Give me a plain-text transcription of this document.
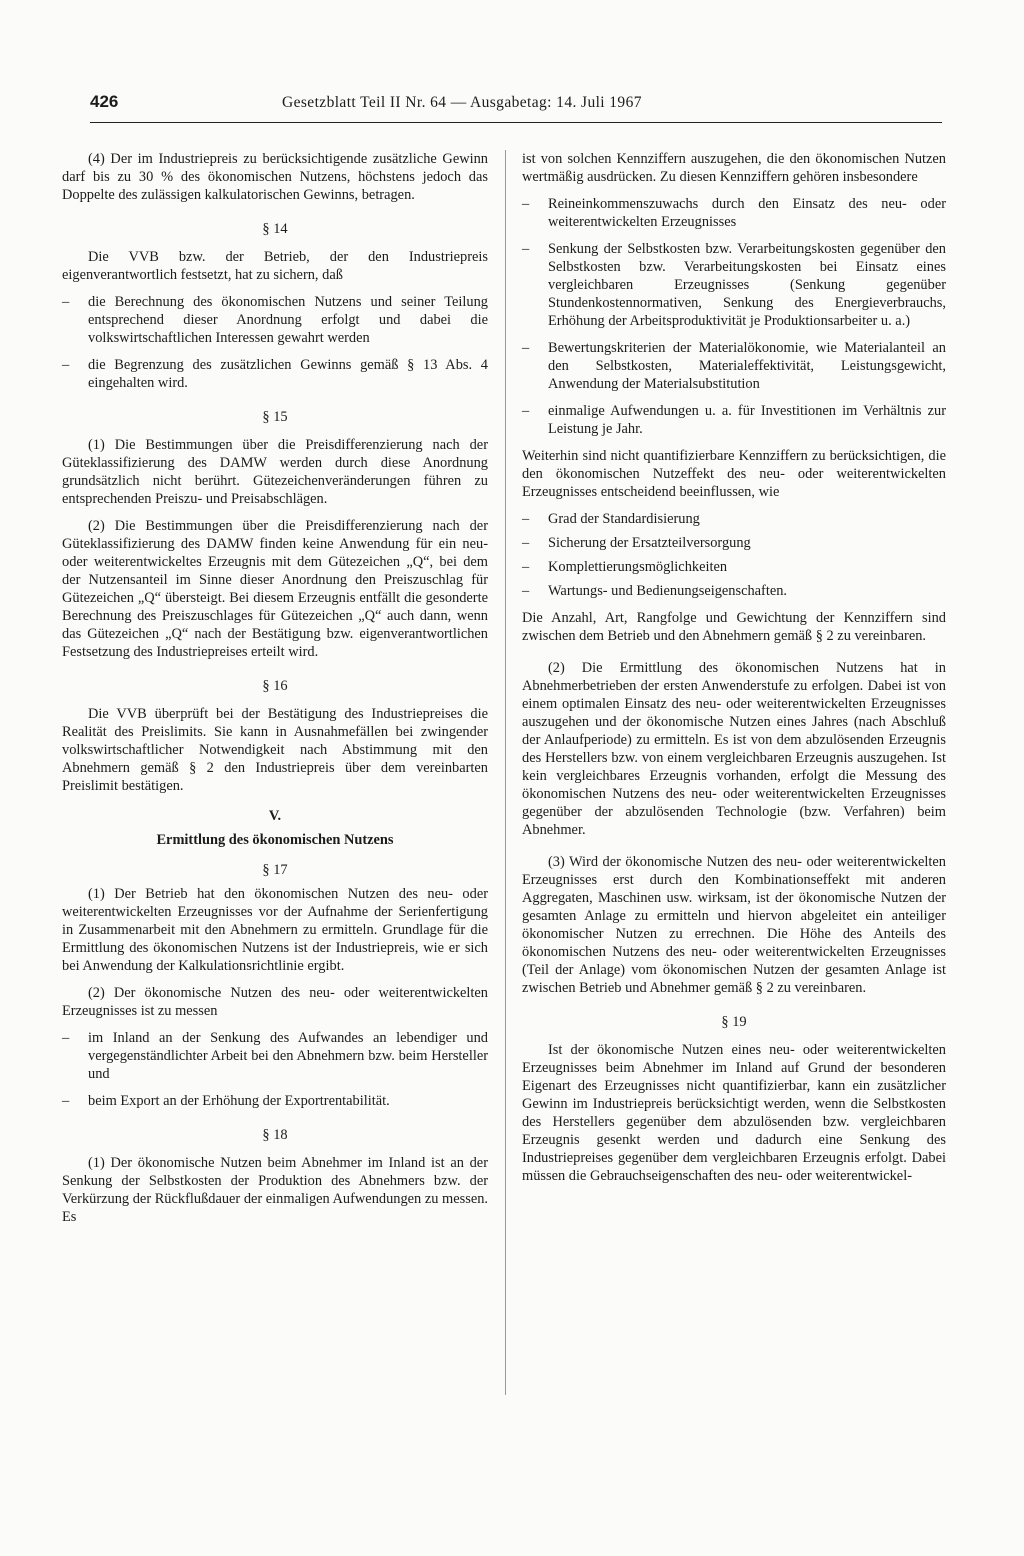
426	Gesetzblatt Teil II Nr. 64 — Ausgabetag: 14. Juli 1967

(4) Der im Industriepreis zu berücksichtigende zusätzliche Gewinn darf bis zu 30 % des ökonomischen Nutzens, höchstens jedoch das Doppelte des zulässigen kalkulatorischen Gewinns, betragen.

§ 14

Die VVB bzw. der Betrieb, der den Industriepreis eigenverantwortlich festsetzt, hat zu sichern, daß

– die Berechnung des ökonomischen Nutzens und seiner Teilung entsprechend dieser Anordnung erfolgt und dabei die volkswirtschaftlichen Interessen gewahrt werden
– die Begrenzung des zusätzlichen Gewinns gemäß § 13 Abs. 4 eingehalten wird.
§ 15

(1) Die Bestimmungen über die Preisdifferenzierung nach der Güteklassifizierung des DAMW werden durch diese Anordnung grundsätzlich nicht berührt. Gütezeichenveränderungen führen zu entsprechenden Preiszu- und Preisabschlägen.

(2) Die Bestimmungen über die Preisdifferenzierung nach der Güteklassifizierung des DAMW finden keine Anwendung für ein neu- oder weiterentwickeltes Erzeugnis mit dem Gütezeichen „Q“, bei dem der Nutzensanteil im Sinne dieser Anordnung den Preiszuschlag für Gütezeichen „Q“ übersteigt. Bei diesem Erzeugnis entfällt die gesonderte Berechnung des Preiszuschlages für Gütezeichen „Q“ auch dann, wenn das Gütezeichen „Q“ nach der Bestätigung bzw. eigenverantwortlichen Festsetzung des Industriepreises erteilt wird.

§ 16

Die VVB überprüft bei der Bestätigung des Industriepreises die Realität des Preislimits. Sie kann in Ausnahmefällen bei zwingender volkswirtschaftlicher Notwendigkeit nach Abstimmung mit den Abnehmern gemäß § 2 den Industriepreis über dem vereinbarten Preislimit bestätigen.

V.
Ermittlung des ökonomischen Nutzens
§ 17

(1) Der Betrieb hat den ökonomischen Nutzen des neu- oder weiterentwickelten Erzeugnisses vor der Aufnahme der Serienfertigung in Zusammenarbeit mit den Abnehmern zu ermitteln. Grundlage für die Ermittlung des ökonomischen Nutzens ist der Industriepreis, wie er sich bei Anwendung der Kalkulationsrichtlinie ergibt.

(2) Der ökonomische Nutzen des neu- oder weiterentwickelten Erzeugnisses ist zu messen

– im Inland an der Senkung des Aufwandes an lebendiger und vergegenständlichter Arbeit bei den Abnehmern bzw. beim Hersteller und
– beim Export an der Erhöhung der Exportrentabilität.
§ 18

(1) Der ökonomische Nutzen beim Abnehmer im Inland ist an der Senkung der Selbstkosten der Produktion des Abnehmers bzw. der Verkürzung der Rückflußdauer der einmaligen Aufwendungen zu messen. Es

ist von solchen Kennziffern auszugehen, die den ökonomischen Nutzen wertmäßig ausdrücken. Zu diesen Kennziffern gehören insbesondere

– Reineinkommenszuwachs durch den Einsatz des neu- oder weiterentwickelten Erzeugnisses
– Senkung der Selbstkosten bzw. Verarbeitungskosten gegenüber den Selbstkosten bzw. Verarbeitungskosten bei Einsatz eines vergleichbaren Erzeugnisses (Senkung gegenüber Stundenkostennormativen, Senkung des Energieverbrauchs, Erhöhung der Arbeitsproduktivität je Produktionsarbeiter u. a.)
– Bewertungskriterien der Materialökonomie, wie Materialanteil an den Selbstkosten, Materialeffektivität, Leistungsgewicht, Anwendung der Materialsubstitution
– einmalige Aufwendungen u. a. für Investitionen im Verhältnis zur Leistung je Jahr.

Weiterhin sind nicht quantifizierbare Kennziffern zu berücksichtigen, die den ökonomischen Nutzeffekt des neu- oder weiterentwickelten Erzeugnisses entscheidend beeinflussen, wie

– Grad der Standardisierung
– Sicherung der Ersatzteilversorgung
– Komplettierungsmöglichkeiten
– Wartungs- und Bedienungseigenschaften.

Die Anzahl, Art, Rangfolge und Gewichtung der Kennziffern sind zwischen dem Betrieb und den Abnehmern gemäß § 2 zu vereinbaren.

(2) Die Ermittlung des ökonomischen Nutzens hat in Abnehmerbetrieben der ersten Anwenderstufe zu erfolgen. Dabei ist von einem optimalen Einsatz des neu- oder weiterentwickelten Erzeugnisses auszugehen und der ökonomische Nutzen eines Jahres (nach Abschluß der Anlaufperiode) zu ermitteln. Es ist von dem abzulösenden Erzeugnis des Herstellers bzw. von einem vergleichbaren Erzeugnis auszugehen. Ist kein vergleichbares Erzeugnis vorhanden, erfolgt die Messung des ökonomischen Nutzens des neu- oder weiterentwickelten Erzeugnisses gegenüber der abzulösenden Technologie (bzw. Verfahren) beim Abnehmer.

(3) Wird der ökonomische Nutzen des neu- oder weiterentwickelten Erzeugnisses erst durch den Kombinationseffekt mit anderen Aggregaten, Maschinen usw. wirksam, ist der ökonomische Nutzen der gesamten Anlage zu ermitteln und hiervon abgeleitet ein anteiliger ökonomischer Nutzen zu errechnen. Die Höhe des Anteils des ökonomischen Nutzens des neu- oder weiterentwickelten Erzeugnisses (Teil der Anlage) vom ökonomischen Nutzen der gesamten Anlage ist zwischen Betrieb und Abnehmer gemäß § 2 zu vereinbaren.

§ 19

Ist der ökonomische Nutzen eines neu- oder weiterentwickelten Erzeugnisses beim Abnehmer im Inland auf Grund der besonderen Eigenart des Erzeugnisses nicht quantifizierbar, kann ein zusätzlicher Gewinn im Industriepreis berücksichtigt werden, wenn die Selbstkosten des Herstellers gegenüber dem abzulösenden bzw. vergleichbaren Erzeugnis gesenkt werden und dadurch eine Senkung des Industriepreises gegenüber dem vergleichbaren Erzeugnis erfolgt. Dabei müssen die Gebrauchseigenschaften des neu- oder weiterentwickel-
